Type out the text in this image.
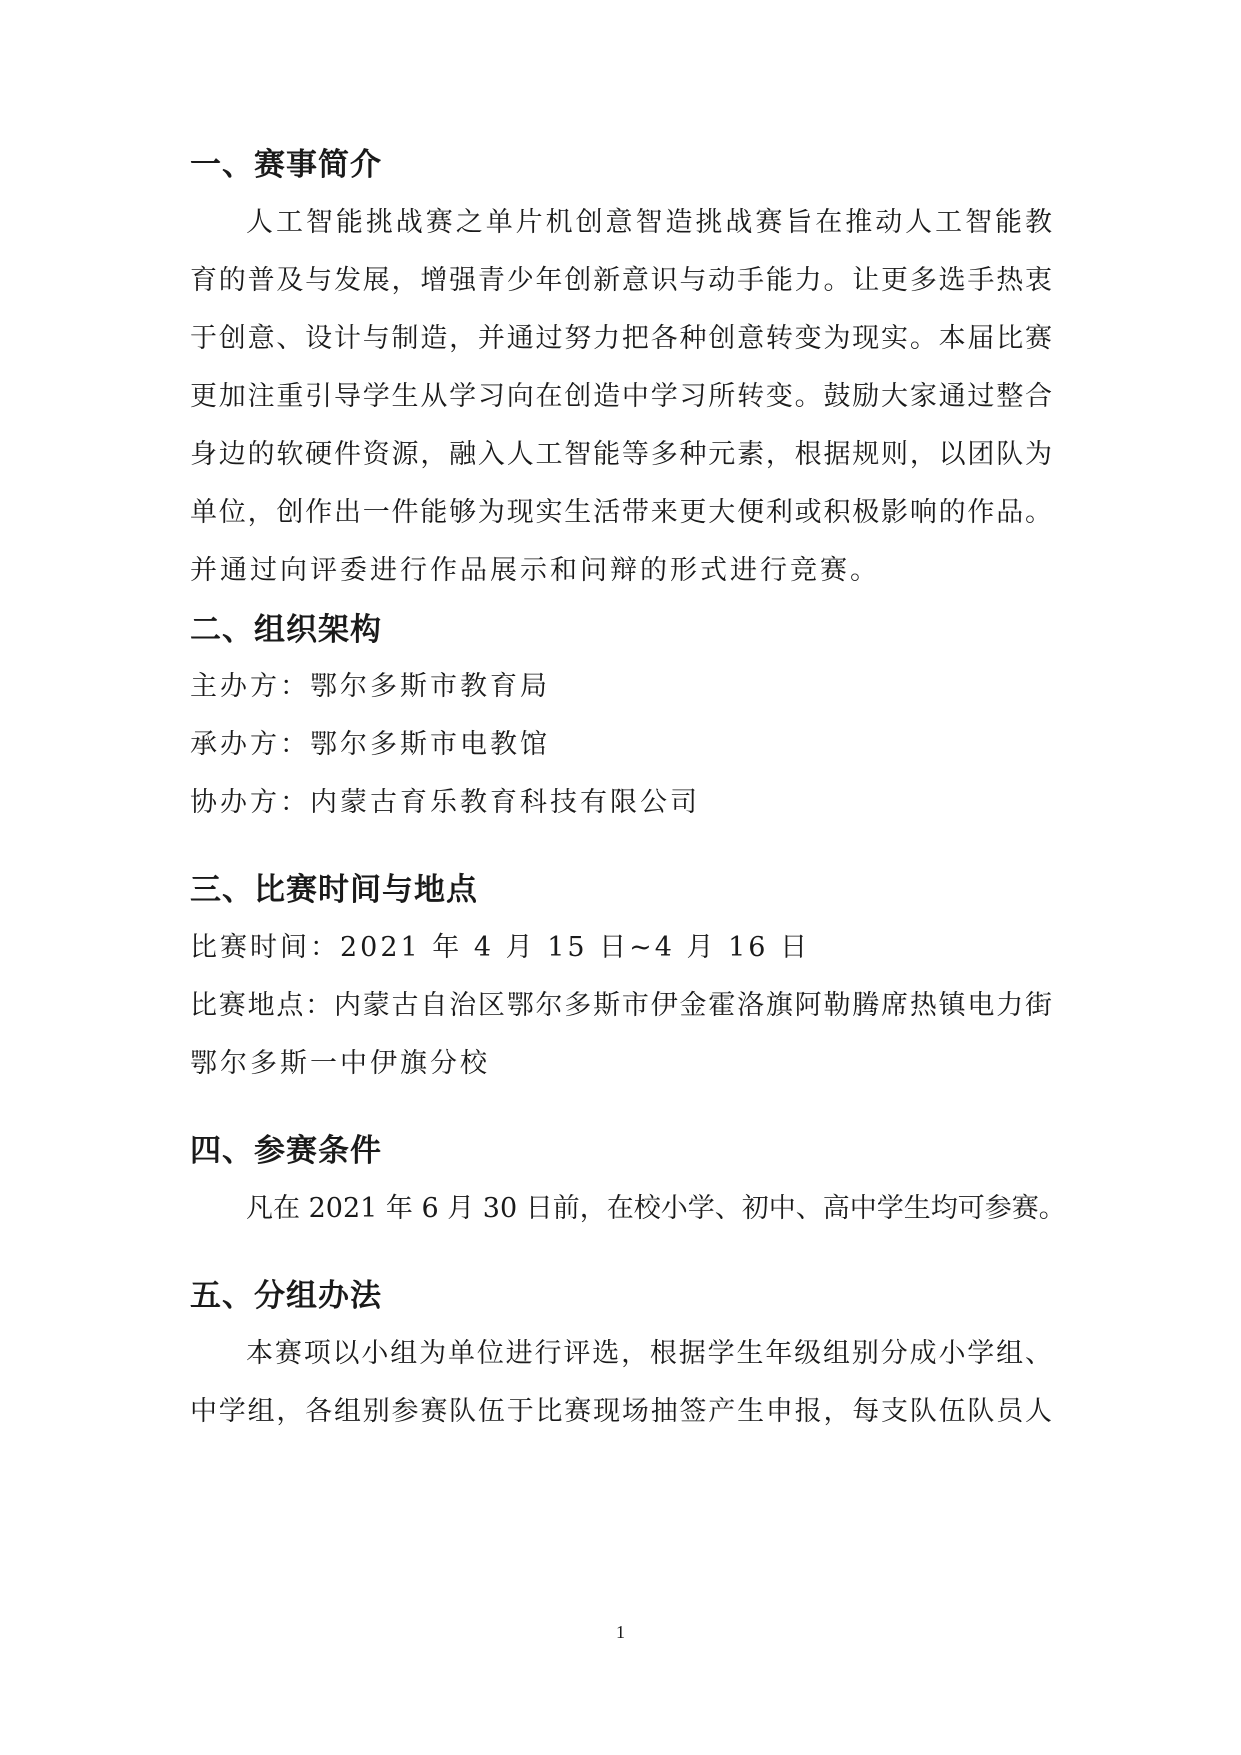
一、赛事简介
人工智能挑战赛之单片机创意智造挑战赛旨在推动人工智能教
育的普及与发展，增强青少年创新意识与动手能力。让更多选手热衷
于创意、设计与制造，并通过努力把各种创意转变为现实。本届比赛
更加注重引导学生从学习向在创造中学习所转变。鼓励大家通过整合
身边的软硬件资源，融入人工智能等多种元素，根据规则，以团队为
单位，创作出一件能够为现实生活带来更大便利或积极影响的作品。
并通过向评委进行作品展示和问辩的形式进行竞赛。
二、组织架构
主办方：鄂尔多斯市教育局
承办方：鄂尔多斯市电教馆
协办方：内蒙古育乐教育科技有限公司
三、比赛时间与地点
比赛时间：2021 年 4 月 15 日~4 月 16 日
比赛地点：内蒙古自治区鄂尔多斯市伊金霍洛旗阿勒腾席热镇电力街
鄂尔多斯一中伊旗分校
四、参赛条件
凡在 2021 年 6 月 30 日前，在校小学、初中、高中学生均可参赛。
五、分组办法
本赛项以小组为单位进行评选，根据学生年级组别分成小学组、
中学组，各组别参赛队伍于比赛现场抽签产生申报，每支队伍队员人
1
